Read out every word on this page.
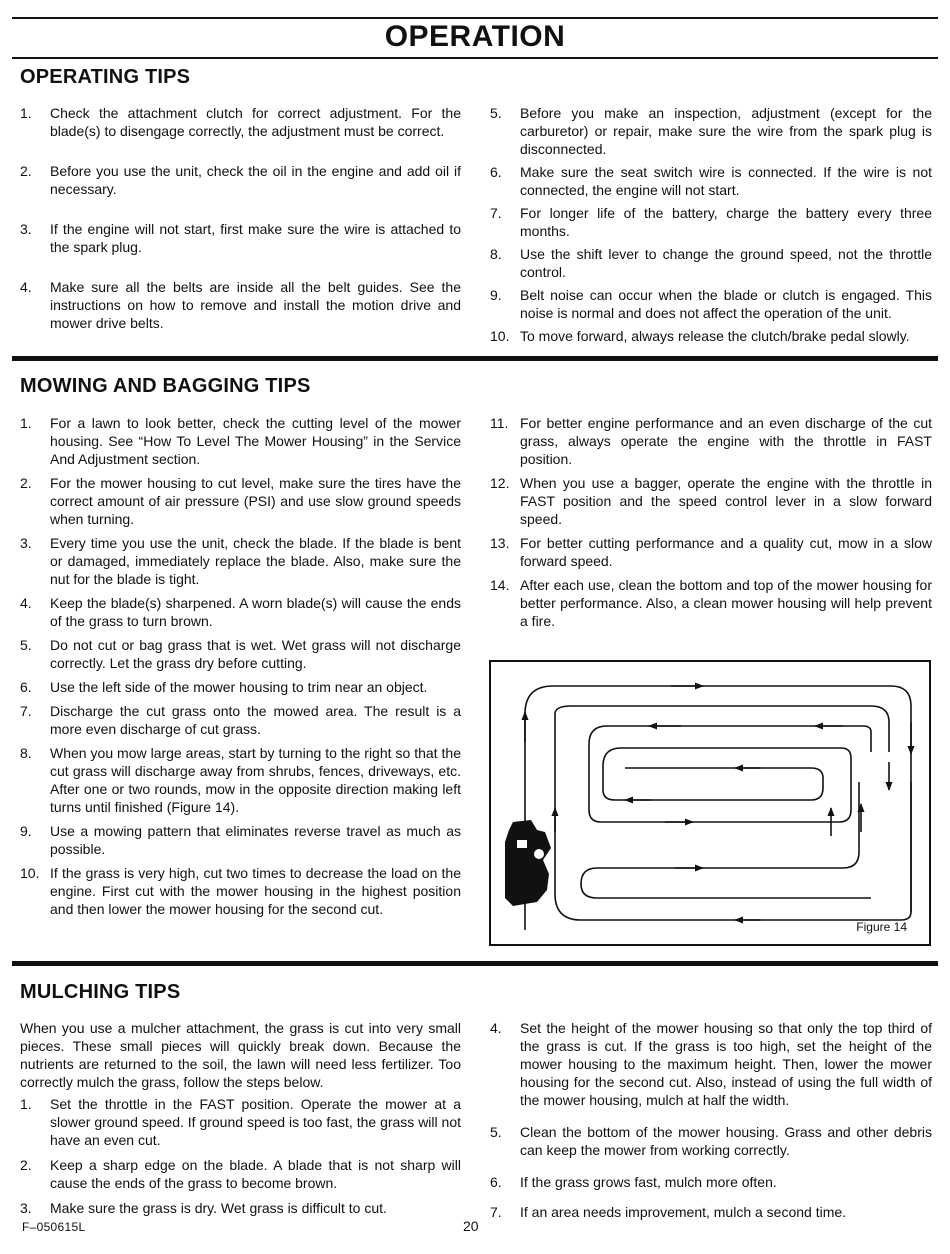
OPERATION
OPERATING TIPS
1.	Check the attachment clutch for correct adjustment. For the blade(s) to disengage correctly, the adjustment must be correct.
2.	Before you use the unit, check the oil in the engine and add oil if necessary.
3.	If the engine will not start, first make sure the wire is attached to the spark plug.
4.	Make sure all the belts are inside all the belt guides. See the instructions on how to remove and install the motion drive and mower drive belts.
5.	Before you make an inspection, adjustment (except for the carburetor) or repair, make sure the wire from the spark plug is disconnected.
6.	Make sure the seat switch wire is connected. If the wire is not connected, the engine will not start.
7.	For longer life of the battery, charge the battery every three months.
8.	Use the shift lever to change the ground speed, not the throttle control.
9.	Belt noise can occur when the blade or clutch is engaged. This noise is normal and does not affect the operation of the unit.
10. To move forward, always release the clutch/brake pedal slowly.
MOWING AND BAGGING TIPS
1.	For a lawn to look better, check the cutting level of the mower housing. See “How To Level The Mower Housing” in the Service And Adjustment section.
2.	For the mower housing to cut level, make sure the tires have the correct amount of air pressure (PSI) and use slow ground speeds when turning.
3.	Every time you use the unit, check the blade. If the blade is bent or damaged, immediately replace the blade. Also, make sure the nut for the blade is tight.
4.	Keep the blade(s) sharpened. A worn blade(s) will cause the ends of the grass to turn brown.
5.	Do not cut or bag grass that is wet. Wet grass will not discharge correctly. Let the grass dry before cutting.
6.	Use the left side of the mower housing to trim near an object.
7.	Discharge the cut grass onto the mowed area. The result is a more even discharge of cut grass.
8.	When you mow large areas, start by turning to the right so that the cut grass will discharge away from shrubs, fences, driveways, etc. After one or two rounds, mow in the opposite direction making left turns until finished (Figure 14).
9.	Use a mowing pattern that eliminates reverse travel as much as possible.
10. If the grass is very high, cut two times to decrease the load on the engine. First cut with the mower housing in the highest position and then lower the mower housing for the second cut.
11. For better engine performance and an even discharge of the cut grass, always operate the engine with the throttle in FAST position.
12. When you use a bagger, operate the engine with the throttle in FAST position and the speed control lever in a slow forward speed.
13. For better cutting performance and a quality cut, mow in a slow forward speed.
14. After each use, clean the bottom and top of the mower housing for better performance. Also, a clean mower housing will help prevent a fire.
Figure 14
MULCHING TIPS
When you use a mulcher attachment, the grass is cut into very small pieces. These small pieces will quickly break down. Because the nutrients are returned to the soil, the lawn will need less fertilizer. Too correctly mulch the grass, follow the steps below.
1.	Set the throttle in the FAST position. Operate the mower at a slower ground speed. If ground speed is too fast, the grass will not have an even cut.
2.	Keep a sharp edge on the blade. A blade that is not sharp will cause the ends of the grass to become brown.
3.	Make sure the grass is dry. Wet grass is difficult to cut.
4.	Set the height of the mower housing so that only the top third of the grass is cut. If the grass is too high, set the height of the mower housing to the maximum height. Then, lower the mower housing for the second cut. Also, instead of using the full width of the mower housing, mulch at half the width.
5.	Clean the bottom of the mower housing. Grass and other debris can keep the mower from working correctly.
6.	If the grass grows fast, mulch more often.
7.	If an area needs improvement, mulch a second time.
F–050615L	20
